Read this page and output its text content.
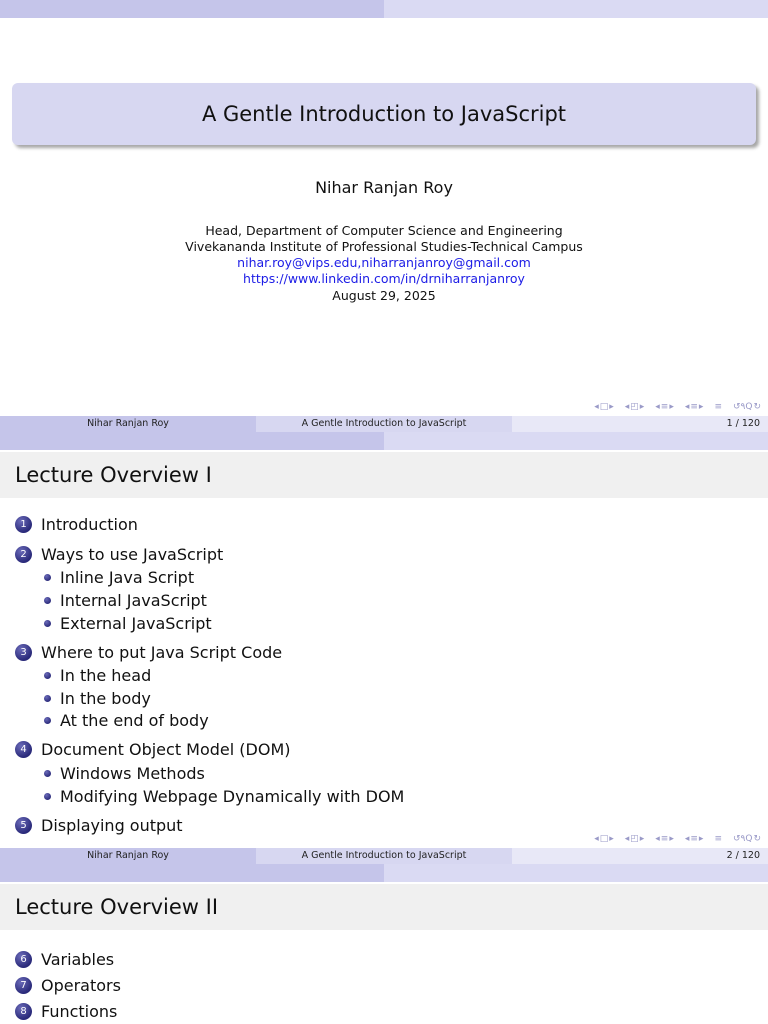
A Gentle Introduction to JavaScript
Nihar Ranjan Roy
Head, Department of Computer Science and Engineering
Vivekananda Institute of Professional Studies-Technical Campus
nihar.roy@vips.edu,niharranjanroy@gmail.com
https://www.linkedin.com/in/drniharranjanroy
August 29, 2025
◂□▸ ◂◰▸ ◂≡▸ ◂≡▸ ≡ ↺٩Q↻
Nihar Ranjan Roy	A Gentle Introduction to JavaScript	1 / 120
Lecture Overview I
1 Introduction
2 Ways to use JavaScript
Inline Java Script
Internal JavaScript
External JavaScript
3 Where to put Java Script Code
In the head
In the body
At the end of body
4 Document Object Model (DOM)
Windows Methods
Modifying Webpage Dynamically with DOM
5 Displaying output
◂□▸ ◂◰▸ ◂≡▸ ◂≡▸ ≡ ↺٩Q↻
Nihar Ranjan Roy	A Gentle Introduction to JavaScript	2 / 120
Lecture Overview II
6 Variables
7 Operators
8 Functions
